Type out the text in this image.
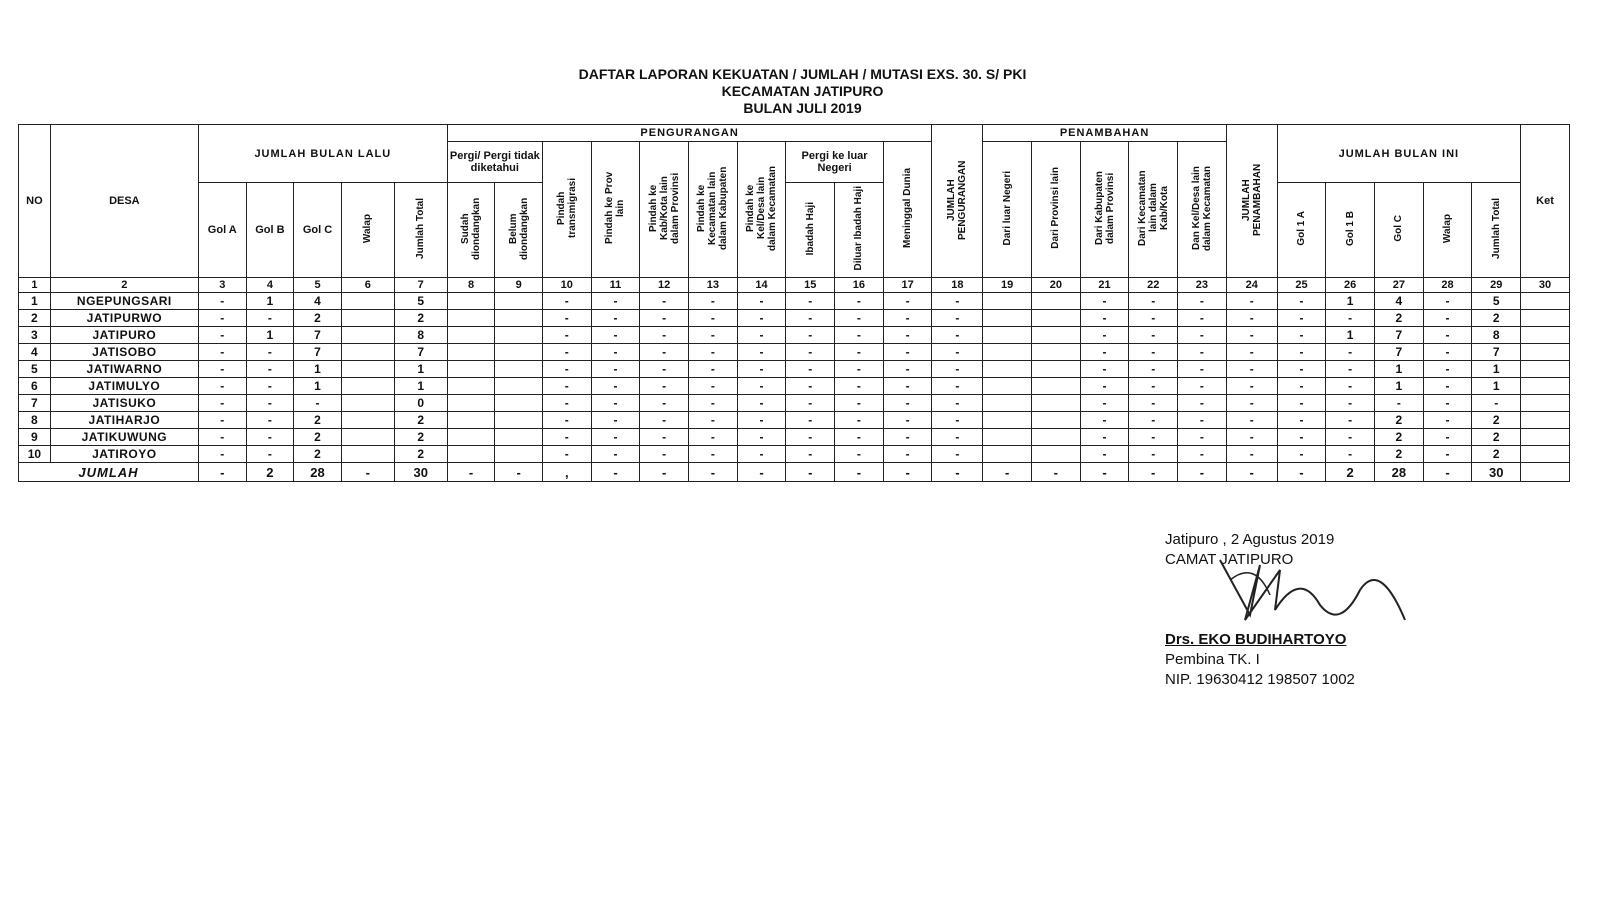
DAFTAR LAPORAN KEKUATAN / JUMLAH / MUTASI EXS. 30. S/ PKI
KECAMATAN JATIPURO
BULAN JULI 2019
NO	DESA	JUMLAH BULAN LALU					PENGURANGAN										JUMLAH PENGURANGAN	PENAMBAHAN					JUMLAH PENAMBAHAN	JUMLAH BULAN INI					Ket
							Pergi/ Pergi tidak diketahui		Pindah transmigrasi	Pindah ke Prov lain	Pindah ke Kab/Kota lain dalam Provinsi	Pindah ke Kecamatan lain dalam Kabupaten	Pindah ke Kel/Desa lain dalam Kecamatan	Pergi ke luar Negeri		Meninggal Dunia		Dari luar Negeri	Dari Provinsi lain	Dari Kabupaten dalam Provinsi	Dari Kecamatan lain dalam Kab/Kota	Dan Kel/Desa lain dalam Kecamatan							
		Gol A	Gol B	Gol C	Walap	Jumlah Total	Sudah diondangkan	Belum diondangkan						Ibadah Haji	Diluar Ibadah Haji									Gol 1 A	Gol 1 B	Gol C	Walap	Jumlah Total	
1	2	3	4	5	6	7	8	9	10	11	12	13	14	15	16	17	18	19	20	21	22	23	24	25	26	27	28	29	30
1	NGEPUNGSARI	-	1	4		5			-	-	-	-	-	-	-	-	-			-	-	-	-	-	1	4	-	5	
2	JATIPURWO	-	-	2		2			-	-	-	-	-	-	-	-	-			-	-	-	-	-	-	2	-	2	
3	JATIPURO	-	1	7		8			-	-	-	-	-	-	-	-	-			-	-	-	-	-	1	7	-	8	
4	JATISOBO	-	-	7		7			-	-	-	-	-	-	-	-	-			-	-	-	-	-	-	7	-	7	
5	JATIWARNO	-	-	1		1			-	-	-	-	-	-	-	-	-			-	-	-	-	-	-	1	-	1	
6	JATIMULYO	-	-	1		1			-	-	-	-	-	-	-	-	-			-	-	-	-	-	-	1	-	1	
7	JATISUKO	-	-	-		0			-	-	-	-	-	-	-	-	-			-	-	-	-	-	-	-	-	-	
8	JATIHARJO	-	-	2		2			-	-	-	-	-	-	-	-	-			-	-	-	-	-	-	2	-	2	
9	JATIKUWUNG	-	-	2		2			-	-	-	-	-	-	-	-	-			-	-	-	-	-	-	2	-	2	
10	JATIROYO	-	-	2		2			-	-	-	-	-	-	-	-	-			-	-	-	-	-	-	2	-	2	
JUMLAH		-	2	28	-	30	-	-	,	-	-	-	-	-	-	-	-	-	-	-	-	-	-	-	2	28	-	30	
Jatipuro , 2 Agustus 2019
CAMAT JATIPURO
Drs. EKO BUDIHARTOYO
Pembina TK. I
NIP. 19630412 198507 1002
